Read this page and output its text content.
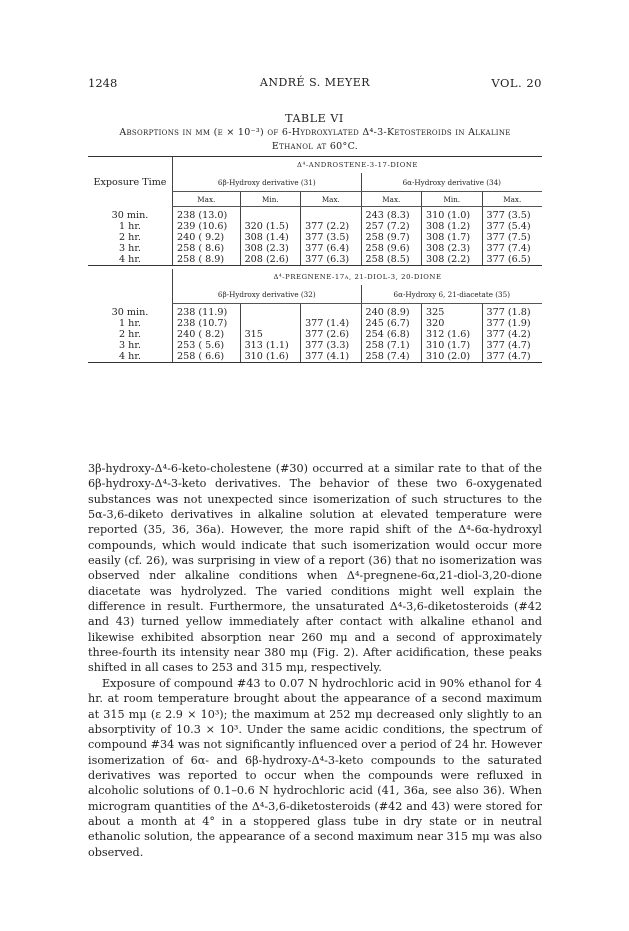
1248	ANDRÉ S. MEYER	VOL. 20
TABLE VI
Absorptions in mμ (ε × 10⁻³) of 6-Hydroxylated Δ⁴-3-Ketosteroids in Alkaline
Ethanol at 60°C.
	Δ⁴-ANDROSTENE-3-17-DIONE					
Exposure Time	6β-Hydroxy derivative (31)			6α-Hydroxy derivative (34)		
	Max.	Min.	Max.	Max.	Min.	Max.

30 min.	238 (13.0)			243 (8.3)	310 (1.0)	377 (3.5)
1 hr.	239 (10.6)	320 (1.5)	377 (2.2)	257 (7.2)	308 (1.2)	377 (5.4)
2 hr.	240 ( 9.2)	308 (1.4)	377 (3.5)	258 (9.7)	308 (1.7)	377 (7.5)
3 hr.	258 ( 8.6)	308 (2.3)	377 (6.4)	258 (9.6)	308 (2.3)	377 (7.4)
4 hr.	258 ( 8.9)	208 (2.6)	377 (6.3)	258 (8.5)	308 (2.2)	377 (6.5)

	Δ⁴-PREGNENE-17α, 21-DIOL-3, 20-DIONE					
	6β-Hydroxy derivative (32)			6α-Hydroxy 6, 21-diacetate (35)		

30 min.	238 (11.9)			240 (8.9)	325	377 (1.8)
1 hr.	238 (10.7)		377 (1.4)	245 (6.7)	320	377 (1.9)
2 hr.	240 ( 8.2)	315	377 (2.6)	254 (6.8)	312 (1.6)	377 (4.2)
3 hr.	253 ( 5.6)	313 (1.1)	377 (3.3)	258 (7.1)	310 (1.7)	377 (4.7)
4 hr.	258 ( 6.6)	310 (1.6)	377 (4.1)	258 (7.4)	310 (2.0)	377 (4.7)

3β-hydroxy-Δ⁴-6-keto-cholestene (#30) occurred at a similar rate to that of the 6β-hydroxy-Δ⁴-3-keto derivatives. The behavior of these two 6-oxygenated substances was not unexpected since isomerization of such structures to the 5α-3,6-diketo derivatives in alkaline solution at elevated temperature were reported (35, 36, 36a). However, the more rapid shift of the Δ⁴-6α-hydroxyl compounds, which would indicate that such isomerization would occur more easily (cf. 26), was surprising in view of a report (36) that no isomerization was observed nder alkaline conditions when Δ⁴-pregnene-6α,21-diol-3,20-dione diacetate was hydrolyzed. The varied conditions might well explain the difference in result. Furthermore, the unsaturated Δ⁴-3,6-diketosteroids (#42 and 43) turned yellow immediately after contact with alkaline ethanol and likewise exhibited absorption near 260 mμ and a second of approximately three-fourth its intensity near 380 mμ (Fig. 2). After acidification, these peaks shifted in all cases to 253 and 315 mμ, respectively.

Exposure of compound #43 to 0.07 N hydrochloric acid in 90% ethanol for 4 hr. at room temperature brought about the appearance of a second maximum at 315 mμ (ε 2.9 × 10³); the maximum at 252 mμ decreased only slightly to an absorptivity of 10.3 × 10³. Under the same acidic conditions, the spectrum of compound #34 was not significantly influenced over a period of 24 hr. However isomerization of 6α- and 6β-hydroxy-Δ⁴-3-keto compounds to the saturated derivatives was reported to occur when the compounds were refluxed in alcoholic solutions of 0.1–0.6 N hydrochloric acid (41, 36a, see also 36). When microgram quantities of the Δ⁴-3,6-diketosteroids (#42 and 43) were stored for about a month at 4° in a stoppered glass tube in dry state or in neutral ethanolic solution, the appearance of a second maximum near 315 mμ was also observed.
